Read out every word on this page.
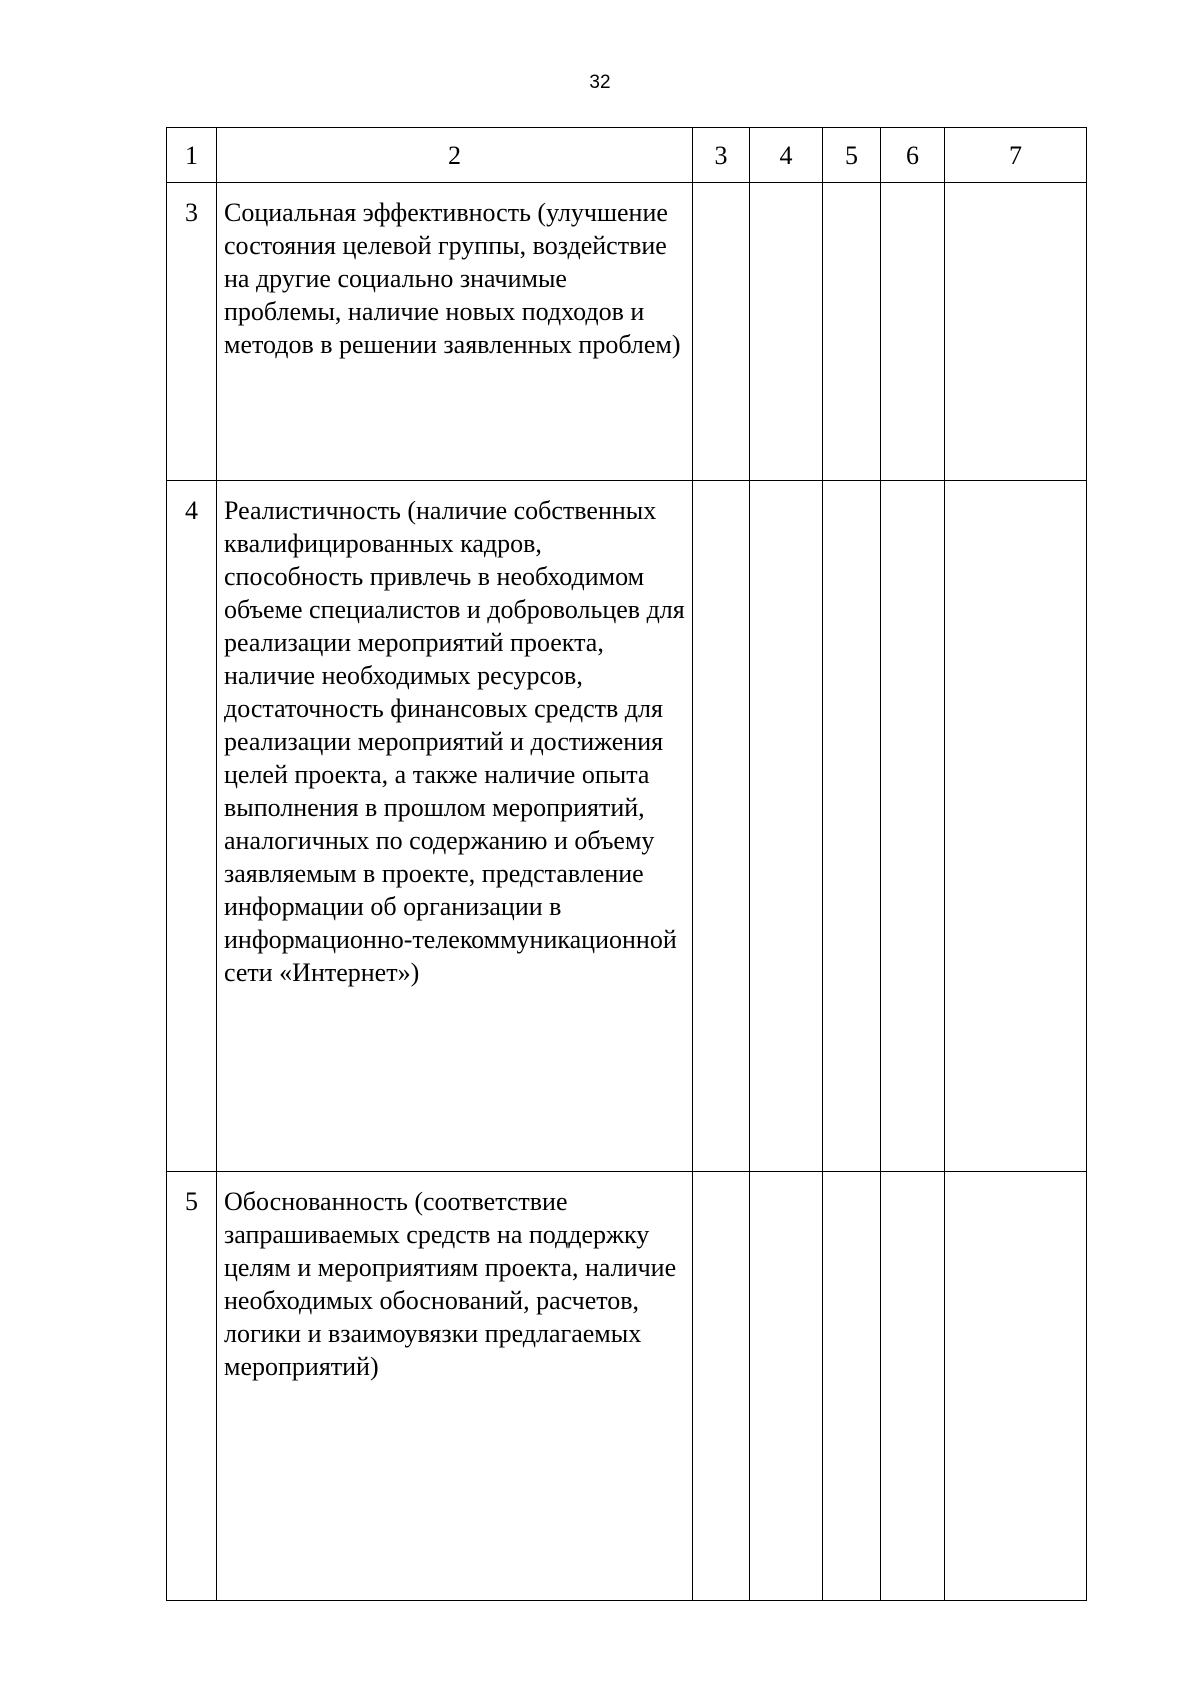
32
1	2	3	4	5	6	7
3	Социальная эффективность (улучшение состояния целевой группы, воздействие на другие социально значимые проблемы, наличие новых подходов и методов в решении заявленных проблем)					
4	Реалистичность (наличие собственных квалифицированных кадров, способность привлечь в необходимом объеме специалистов и добровольцев для реализации мероприятий проекта, наличие необходимых ресурсов, достаточность финансовых средств для реализации мероприятий и достижения целей проекта, а также наличие опыта выполнения в прошлом мероприятий, аналогичных по содержанию и объему заявляемым в проекте, представление информации об организации в информационно-телекоммуникационной сети «Интернет»)					
5	Обоснованность (соответствие запрашиваемых средств на поддержку целям и мероприятиям проекта, наличие необходимых обоснований, расчетов, логики и взаимоувязки предлагаемых мероприятий)					
